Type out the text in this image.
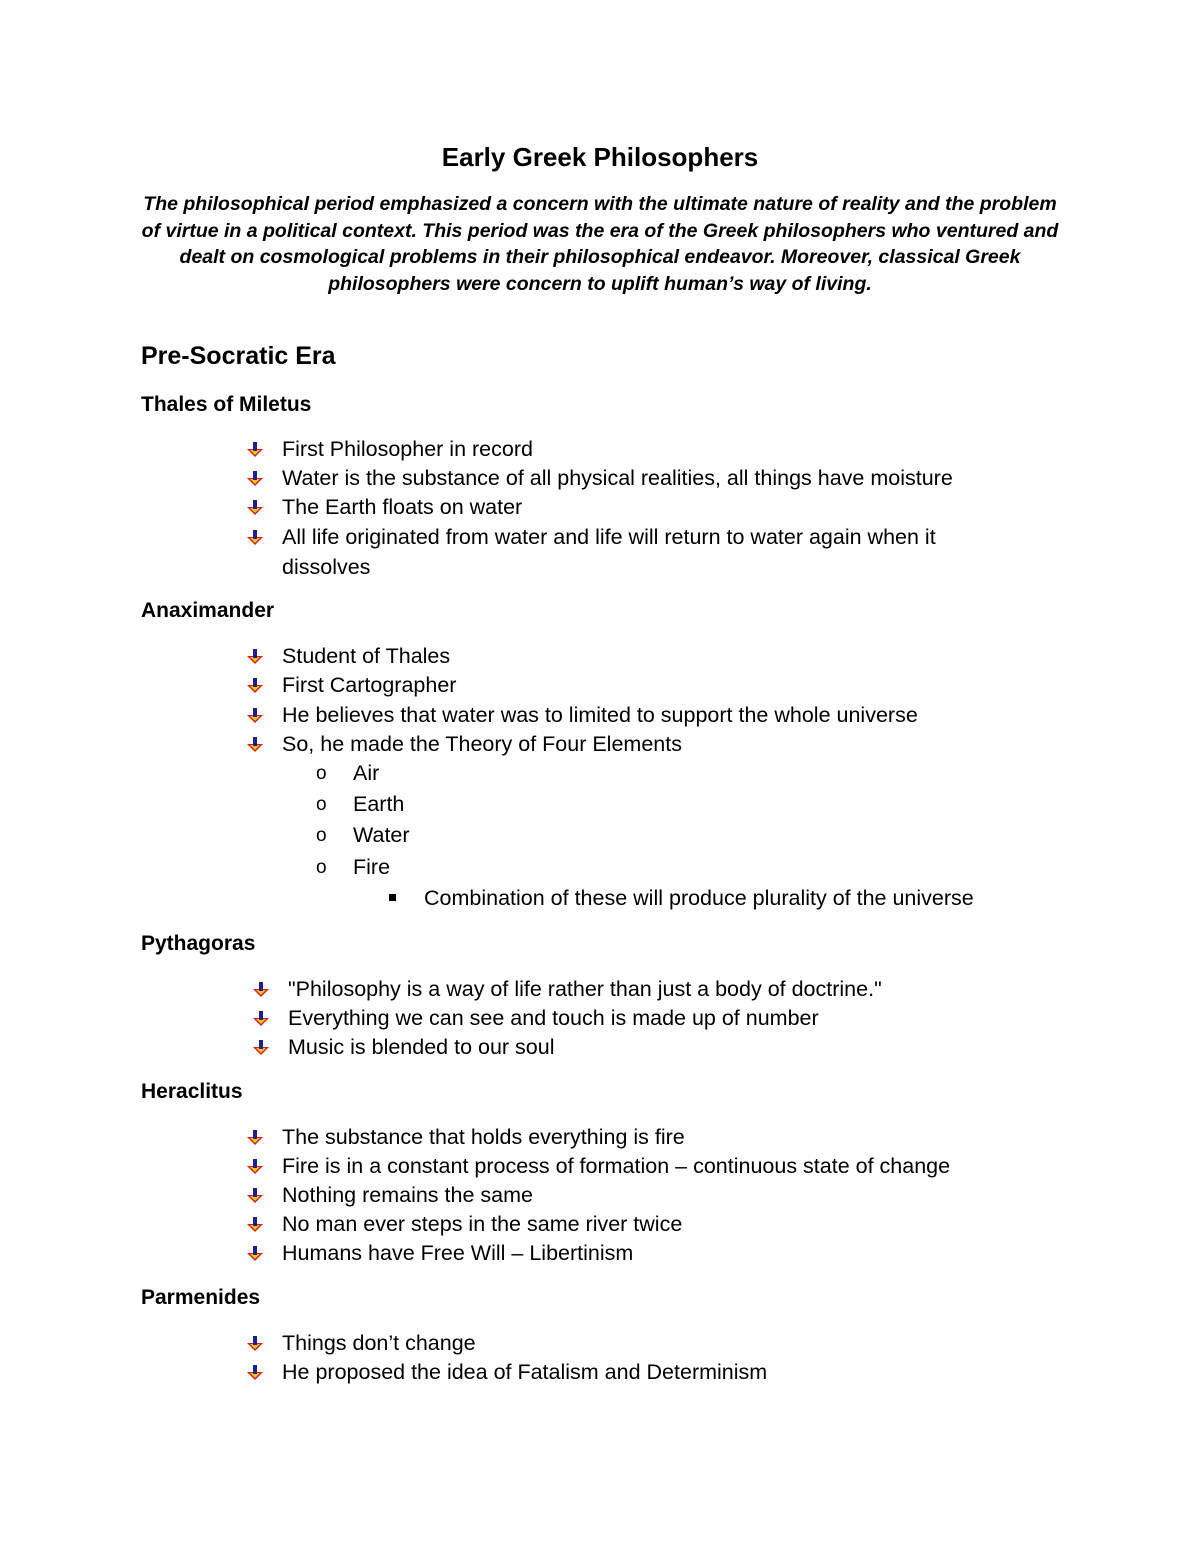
Early Greek Philosophers

The philosophical period emphasized a concern with the ultimate nature of reality and the problem of virtue in a political context. This period was the era of the Greek philosophers who ventured and dealt on cosmological problems in their philosophical endeavor. Moreover, classical Greek philosophers were concern to uplift human’s way of living.

Pre-Socratic Era
Thales of Miletus
First Philosopher in record
Water is the substance of all physical realities, all things have moisture
The Earth floats on water
All life originated from water and life will return to water again when it dissolves
Anaximander
Student of Thales
First Cartographer
He believes that water was to limited to support the whole universe
So, he made the Theory of Four Elements
o	Air
o	Earth
o	Water
o	Fire
Combination of these will produce plurality of the universe
Pythagoras
"Philosophy is a way of life rather than just a body of doctrine."
Everything we can see and touch is made up of number
Music is blended to our soul
Heraclitus
The substance that holds everything is fire
Fire is in a constant process of formation – continuous state of change
Nothing remains the same
No man ever steps in the same river twice
Humans have Free Will – Libertinism
Parmenides
Things don’t change
He proposed the idea of Fatalism and Determinism
